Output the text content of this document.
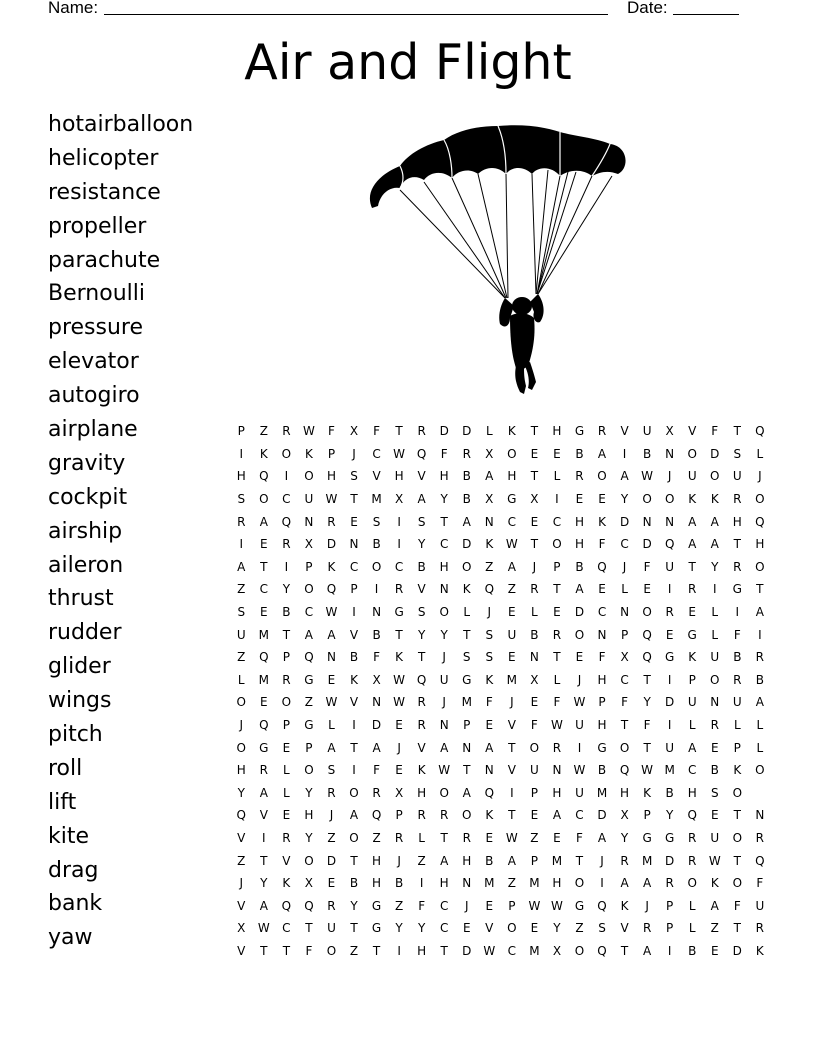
Name:	Date:
Air and Flight
hotairballoon
helicopter
resistance
propeller
parachute
Bernoulli
pressure
elevator
autogiro
airplane
gravity
cockpit
airship
aileron
thrust
rudder
glider
wings
pitch
roll
lift
kite
drag
bank
yaw
P	Z	R	W	F	X	F	T	R	D	D	L	K	T	H	G	R	V	U	X	V	F	T	Q
I	K	O	K	P	J	C	W Q	F	R	X	O	E	E	B	A	I	B	N	O	D	S	L
H	Q	I	O	H	S	V	H	V	H	B	A	H	T	L	R	O	A	W	J	U	O	U	J
S	O	C	U	W	T	M	X	A	Y	B	X	G	X	I	E	E	Y	O	O	K	K	R	O
R	A	Q	N	R	E	S	I	S	T	A	N	C	E	C	H	K	D	N	N	A	A	H	Q
I	E	R	X	D	N	B	I	Y	C	D	K	W	T	O	H	F	C	D	Q	A	A	T	H
A	T	I	P	K	C	O	C	B	H	O	Z	A	J	P	B	Q	J	F	U	T	Y	R	O
Z	C	Y	O	Q	P	I	R	V	N	K	Q	Z	R	T	A	E	L	E	I	R	I	G	T
S	E	B	C	W	I	N	G	S	O	L	J	E	L	E	D	C	N	O	R	E	L	I	A
U	M	T	A	A	V	B	T	Y	Y	T	S	U	B	R	O	N	P	Q	E	G	L	F	I
Z	Q	P	Q	N	B	F	K	T	J	S	S	E	N	T	E	F	X	Q	G	K	U	B	R
L	M	R	G	E	K	X	W Q	U	G	K	M	X	L	J	H	C	T	I	P	O	R	B
O	E	O	Z	W	V	N	W	R	J	M	F	J	E	F	W	P	F	Y	D	U	N	U	A
J	Q	P	G	L	I	D	E	R	N	P	E	V	F	W	U	H	T	F	I	L	R	L	L
O	G	E	P	A	T	A	J	V	A	N	A	T	O	R	I	G	O	T	U	A	E	P	L
H	R	L	O	S	I	F	E	K	W	T	N	V	U	N	W	B	Q W M	C	B	K	O
Y	A	L	Y	R	O	R	X	H	O	A	Q	I	P	H	U	M	H	K	B	H	S	O
Q	V	E	H	J	A	Q	P	R	R	O	K	T	E	A	C	D	X	P	Y	Q	E	T	N
V	I	R	Y	Z	O	Z	R	L	T	R	E	W	Z	E	F	A	Y	G	G	R	U	O	R
Z	T	V	O	D	T	H	J	Z	A	H	B	A	P	M	T	J	R	M	D	R	W	T	Q
J	Y	K	X	E	B	H	B	I	H	N	M	Z	M	H	O	I	A	A	R	O	K	O	F
V	A	Q	Q	R	Y	G	Z	F	C	J	E	P	W W G	Q	K	J	P	L	A	F	U
X	W	C	T	U	T	G	Y	Y	C	E	V	O	E	Y	Z	S	V	R	P	L	Z	T	R
V	T	T	F	O	Z	T	I	H	T	D W	C	M	X	O	Q	T	A	I	B	E	D	K
